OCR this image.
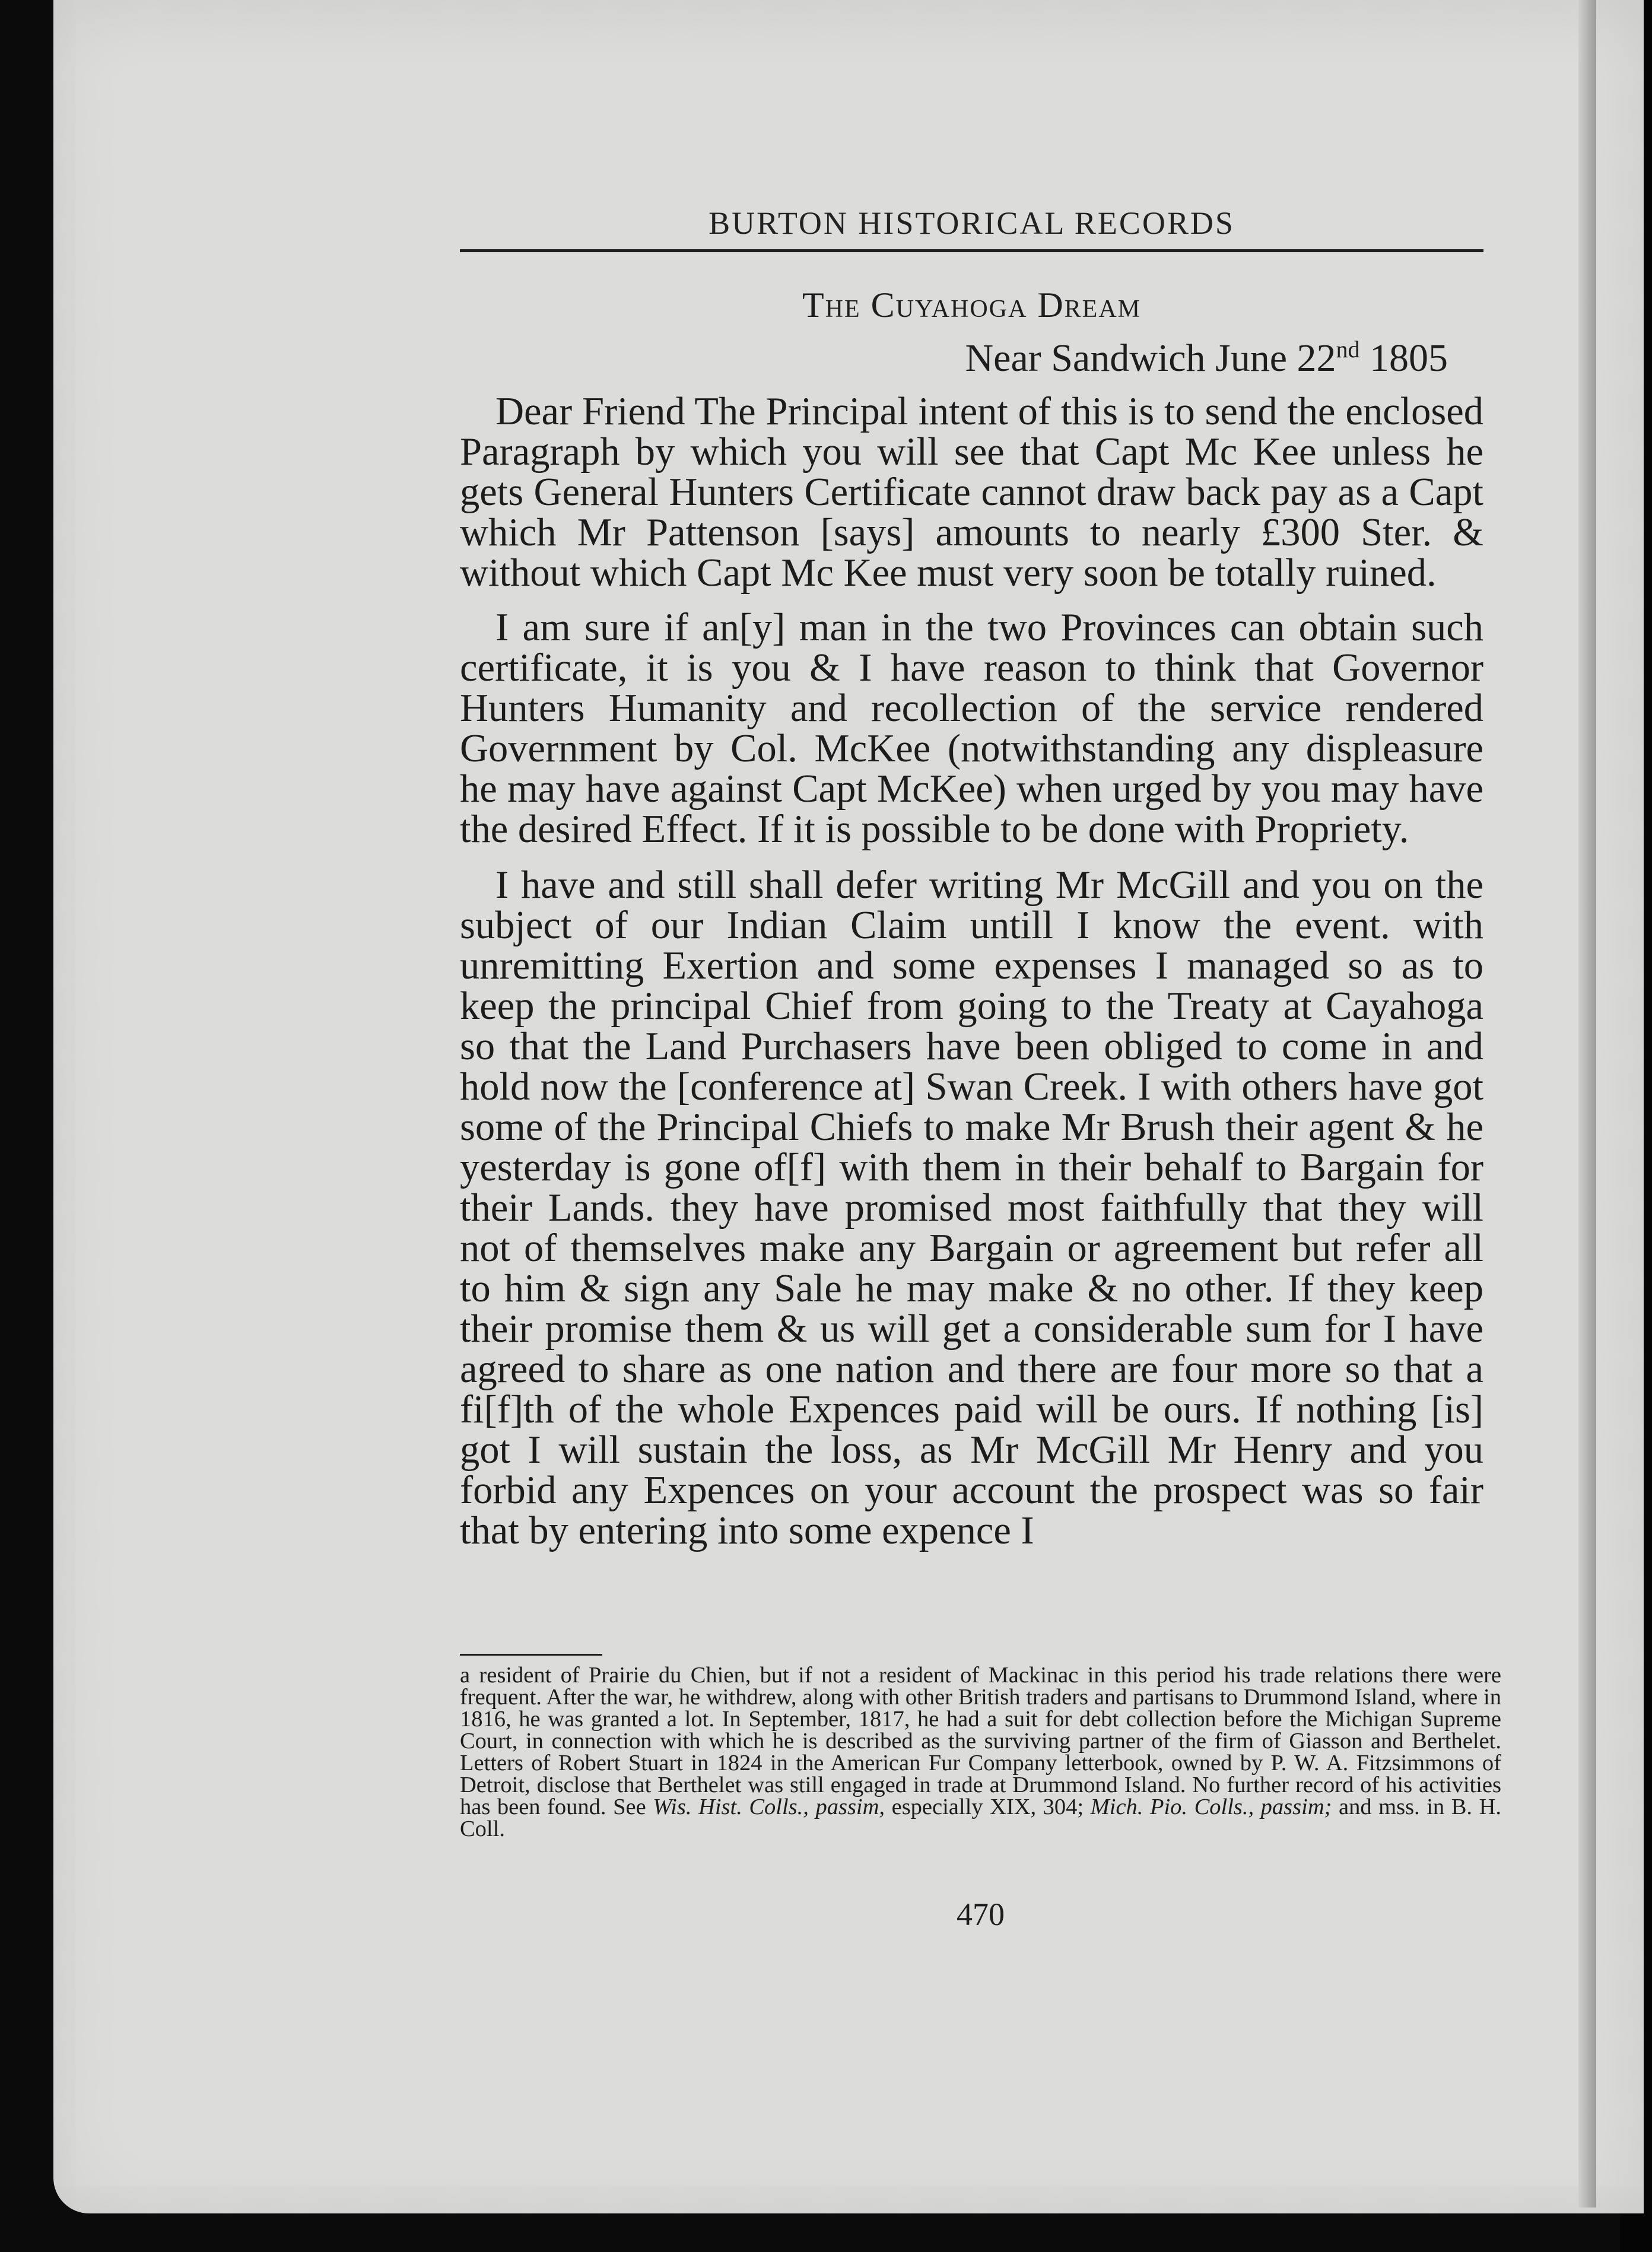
BURTON HISTORICAL RECORDS
The Cuyahoga Dream
Near Sandwich June 22nd 1805

Dear Friend The Principal intent of this is to send the enclosed Paragraph by which you will see that Capt Mc Kee unless he gets General Hunters Certificate cannot draw back pay as a Capt which Mr Pattenson [says] amounts to nearly £300 Ster. & without which Capt Mc Kee must very soon be totally ruined.

I am sure if an[y] man in the two Provinces can obtain such certificate, it is you & I have reason to think that Governor Hunters Humanity and recollection of the service rendered Government by Col. McKee (notwithstanding any displeasure he may have against Capt McKee) when urged by you may have the desired Effect. If it is possible to be done with Propriety.

I have and still shall defer writing Mr McGill and you on the subject of our Indian Claim untill I know the event. with unremitting Exertion and some expenses I managed so as to keep the principal Chief from going to the Treaty at Cayahoga so that the Land Purchasers have been obliged to come in and hold now the [conference at] Swan Creek. I with others have got some of the Principal Chiefs to make Mr Brush their agent & he yesterday is gone of[f] with them in their behalf to Bargain for their Lands. they have promised most faithfully that they will not of themselves make any Bargain or agreement but refer all to him & sign any Sale he may make & no other. If they keep their promise them & us will get a considerable sum for I have agreed to share as one nation and there are four more so that a fi[f]th of the whole Expences paid will be ours. If nothing [is] got I will sustain the loss, as Mr McGill Mr Henry and you forbid any Expences on your account the prospect was so fair that by entering into some expence I

a resident of Prairie du Chien, but if not a resident of Mackinac in this period his trade relations there were frequent. After the war, he withdrew, along with other British traders and partisans to Drummond Island, where in 1816, he was granted a lot. In September, 1817, he had a suit for debt collection before the Michigan Supreme Court, in connection with which he is described as the surviving partner of the firm of Giasson and Berthelet. Letters of Robert Stuart in 1824 in the American Fur Company letterbook, owned by P. W. A. Fitzsimmons of Detroit, disclose that Berthelet was still engaged in trade at Drummond Island. No further record of his activities has been found. See Wis. Hist. Colls., passim, especially XIX, 304; Mich. Pio. Colls., passim; and mss. in B. H. Coll.
470
